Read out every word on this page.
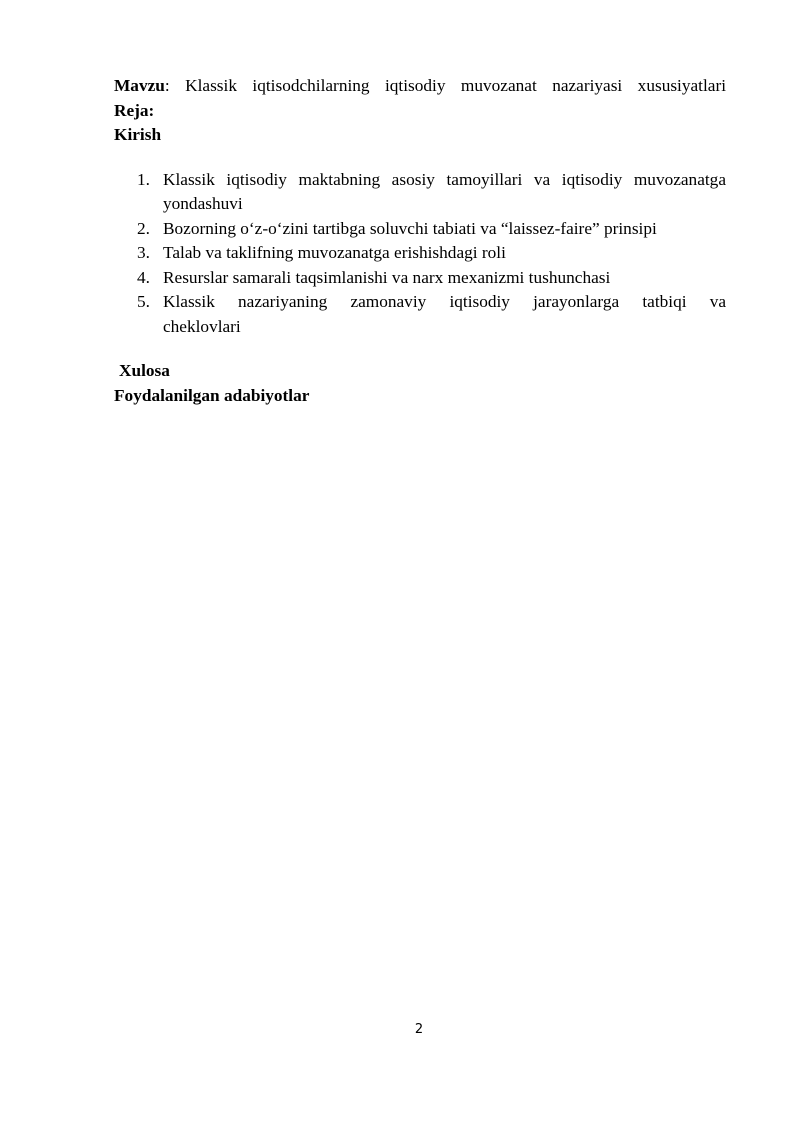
Mavzu: Klassik iqtisodchilarning iqtisodiy muvozanat nazariyasi xususiyatlari
Reja:
Kirish
1. Klassik iqtisodiy maktabning asosiy tamoyillari va iqtisodiy muvozanatga yondashuvi
2. Bozorning o‘z-o‘zini tartibga soluvchi tabiati va “laissez-faire” prinsipi
3. Talab va taklifning muvozanatga erishishdagi roli
4. Resurslar samarali taqsimlanishi va narx mexanizmi tushunchasi
5. Klassik nazariyaning zamonaviy iqtisodiy jarayonlarga tatbiqi va
cheklovlari
Xulosa
Foydalanilgan adabiyotlar
2
